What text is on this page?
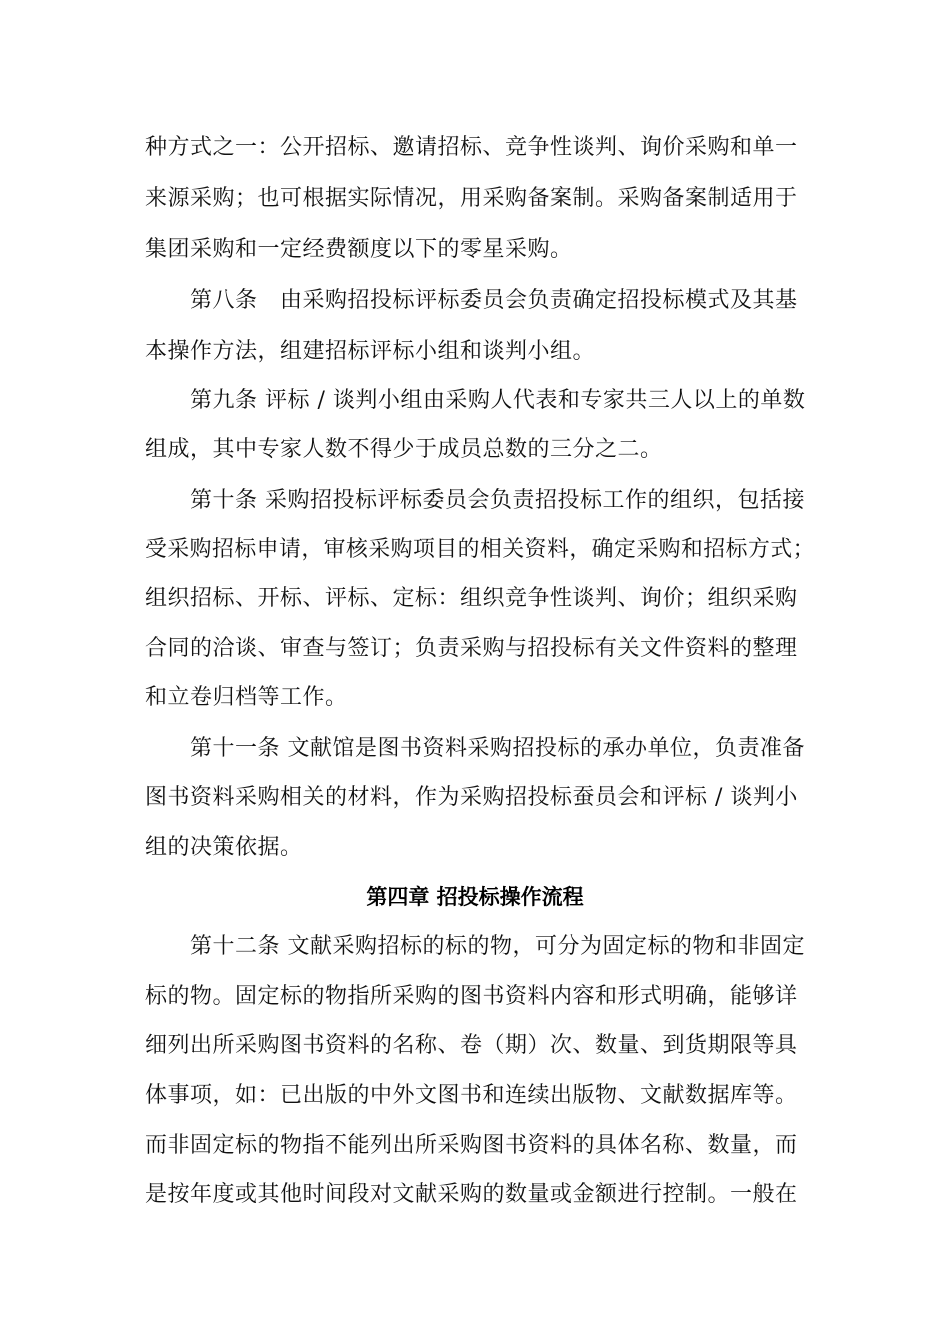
种方式之一：公开招标、邀请招标、竞争性谈判、询价采购和单一
来源采购；也可根据实际情况，用采购备案制。采购备案制适用于
集团采购和一定经费额度以下的零星采购。
第八条　由采购招投标评标委员会负责确定招投标模式及其基
本操作方法，组建招标评标小组和谈判小组。
第九条 评标 / 谈判小组由采购人代表和专家共三人以上的单数
组成，其中专家人数不得少于成员总数的三分之二。
第十条 采购招投标评标委员会负责招投标工作的组织，包括接
受采购招标申请，审核采购项目的相关资料，确定采购和招标方式；
组织招标、开标、评标、定标：组织竞争性谈判、询价；组织采购
合同的洽谈、审查与签订；负责采购与招投标有关文件资料的整理
和立卷归档等工作。
第十一条 文献馆是图书资料采购招投标的承办单位，负责准备
图书资料采购相关的材料，作为采购招投标蚕员会和评标 / 谈判小
组的决策依据。
第四章 招投标操作流程
第十二条 文献采购招标的标的物，可分为固定标的物和非固定
标的物。固定标的物指所采购的图书资料内容和形式明确，能够详
细列出所采购图书资料的名称、卷（期）次、数量、到货期限等具
体事项，如：已出版的中外文图书和连续出版物、文献数据库等。
而非固定标的物指不能列出所采购图书资料的具体名称、数量，而
是按年度或其他时间段对文献采购的数量或金额进行控制。一般在
